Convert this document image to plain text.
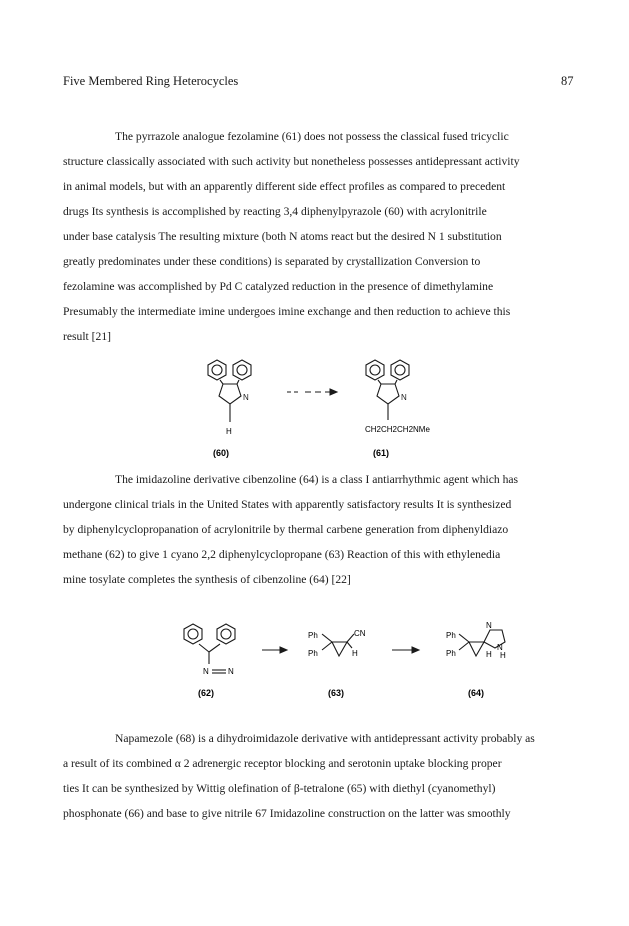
Five Membered Ring Heterocycles	87
The pyrrazole analogue fezolamine (61) does not possess the classical fused tricyclic
structure classically associated with such activity but nonetheless possesses antidepressant activity
in animal models, but with an apparently different side effect profiles as compared to precedent
drugs Its synthesis is accomplished by reacting 3,4 diphenylpyrazole (60) with acrylonitrile
under base catalysis The resulting mixture (both N atoms react but the desired N 1 substitution
greatly predominates under these conditions) is separated by crystallization Conversion to
fezolamine was accomplished by Pd C catalyzed reduction in the presence of dimethylamine
Presumably the intermediate imine undergoes imine exchange and then reduction to achieve this
result [21]
N
H
(60)
N
CH2CH2CH2NMe
(61)
The imidazoline derivative cibenzoline (64) is a class I antiarrhythmic agent which has
undergone clinical trials in the United States with apparently satisfactory results It is synthesized
by diphenylcyclopropanation of acrylonitrile by thermal carbene generation from diphenyldiazo
methane (62) to give 1 cyano 2,2 diphenylcyclopropane (63) Reaction of this with ethylenedia
mine tosylate completes the synthesis of cibenzoline (64) [22]
N N
(62)
Ph
Ph
CN
H
(63)
Ph
Ph
N
N
H H
(64)
Napamezole (68) is a dihydroimidazole derivative with antidepressant activity probably as
a result of its combined α 2 adrenergic receptor blocking and serotonin uptake blocking proper
ties It can be synthesized by Wittig olefination of β-tetralone (65) with diethyl (cyanomethyl)
phosphonate (66) and base to give nitrile 67 Imidazoline construction on the latter was smoothly
